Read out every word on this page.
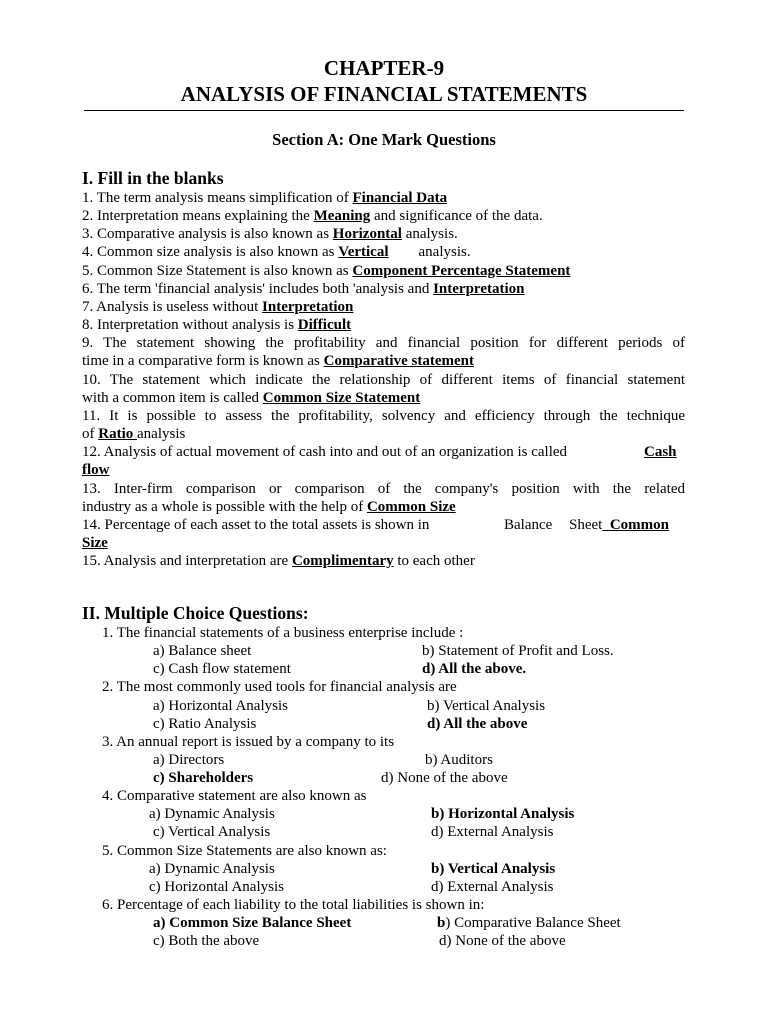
CHAPTER-9
ANALYSIS OF FINANCIAL STATEMENTS
Section A: One Mark Questions
I. Fill in the blanks
1. The term analysis means simplification of Financial Data
2. Interpretation means explaining the Meaning and significance of the data.
3. Comparative analysis is also known as Horizontal analysis.
4. Common size analysis is also known as Vertical analysis.
5. Common Size Statement is also known as Component Percentage Statement
6. The term 'financial analysis' includes both 'analysis and Interpretation
7. Analysis is useless without Interpretation
8. Interpretation without analysis is Difficult
9. The statement showing the profitability and financial position for different periods of
time in a comparative form is known as Comparative statement
10. The statement which indicate the relationship of different items of financial statement
with a common item is called Common Size Statement
11. It is possible to assess the profitability, solvency and efficiency through the technique
of Ratio analysis
12. Analysis of actual movement of cash into and out of an organization is called	Cash
flow
13. Inter-firm comparison or comparison of the company's position with the related
industry as a whole is possible with the help of Common Size
14. Percentage of each asset to the total assets is shown in	Balance Sheet Common
Size
15. Analysis and interpretation are Complimentary to each other
II. Multiple Choice Questions:
1. The financial statements of a business enterprise include :
a) Balance sheet	b) Statement of Profit and Loss.
c) Cash flow statement	d) All the above.
2. The most commonly used tools for financial analysis are
a) Horizontal Analysis	b) Vertical Analysis
c) Ratio Analysis	d) All the above
3. An annual report is issued by a company to its
a) Directors	b) Auditors
c) Shareholders	d) None of the above
4. Comparative statement are also known as
a) Dynamic Analysis	b) Horizontal Analysis
c) Vertical Analysis	d) External Analysis
5. Common Size Statements are also known as:
a) Dynamic Analysis	b) Vertical Analysis
c) Horizontal Analysis	d) External Analysis
6. Percentage of each liability to the total liabilities is shown in:
a) Common Size Balance Sheet	b) Comparative Balance Sheet
c) Both the above	d) None of the above
